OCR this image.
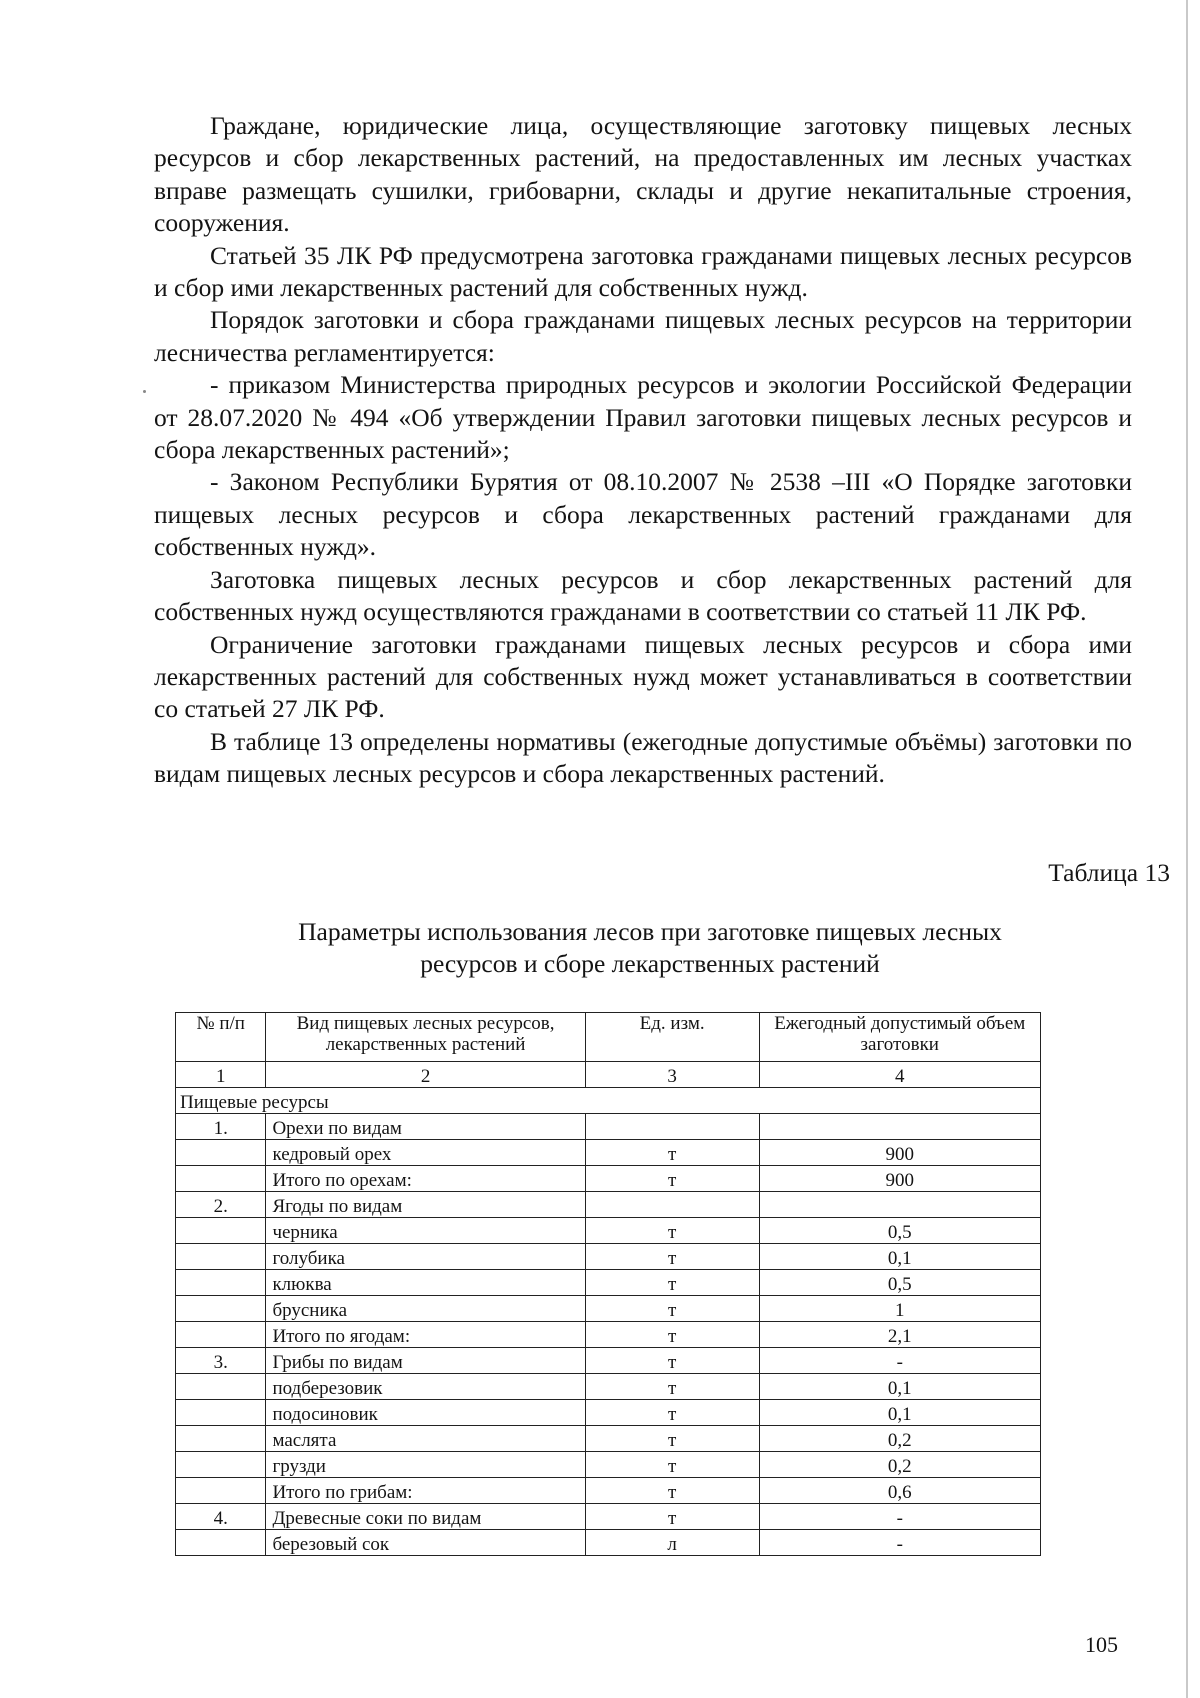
Граждане, юридические лица, осуществляющие заготовку пищевых лесных ресурсов и сбор лекарственных растений, на предоставленных им лесных участках вправе размещать сушилки, грибоварни, склады и другие некапитальные строения, сооружения.

Статьей 35 ЛК РФ предусмотрена заготовка гражданами пищевых лесных ресурсов и сбор ими лекарственных растений для собственных нужд.

Порядок заготовки и сбора гражданами пищевых лесных ресурсов на территории лесничества регламентируется:

- приказом Министерства природных ресурсов и экологии Российской Федерации от 28.07.2020 № 494 «Об утверждении Правил заготовки пищевых лесных ресурсов и сбора лекарственных растений»;

- Законом Республики Бурятия от 08.10.2007 № 2538 –III «О Порядке заготовки пищевых лесных ресурсов и сбора лекарственных растений гражданами для собственных нужд».

Заготовка пищевых лесных ресурсов и сбор лекарственных растений для собственных нужд осуществляются гражданами в соответствии со статьей 11 ЛК РФ.

Ограничение заготовки гражданами пищевых лесных ресурсов и сбора ими лекарственных растений для собственных нужд может устанавливаться в соответствии со статьей 27 ЛК РФ.

В таблице 13 определены нормативы (ежегодные допустимые объёмы) заготовки по видам пищевых лесных ресурсов и сбора лекарственных растений.

Таблица 13
Параметры использования лесов при заготовке пищевых лесных
ресурсов и сборе лекарственных растений
№ п/п	Вид пищевых лесных ресурсов, лекарственных растений	Ед. изм.	Ежегодный допустимый объем заготовки
1	2	3	4
Пищевые ресурсы			
1.	Орехи по видам		
	кедровый орех	т	900
	Итого по орехам:	т	900
2.	Ягоды по видам		
	черника	т	0,5
	голубика	т	0,1
	клюква	т	0,5
	брусника	т	1
	Итого по ягодам:	т	2,1
3.	Грибы по видам	т	-
	подберезовик	т	0,1
	подосиновик	т	0,1
	маслята	т	0,2
	грузди	т	0,2
	Итого по грибам:	т	0,6
4.	Древесные соки по видам	т	-
	березовый сок	л	-
105
